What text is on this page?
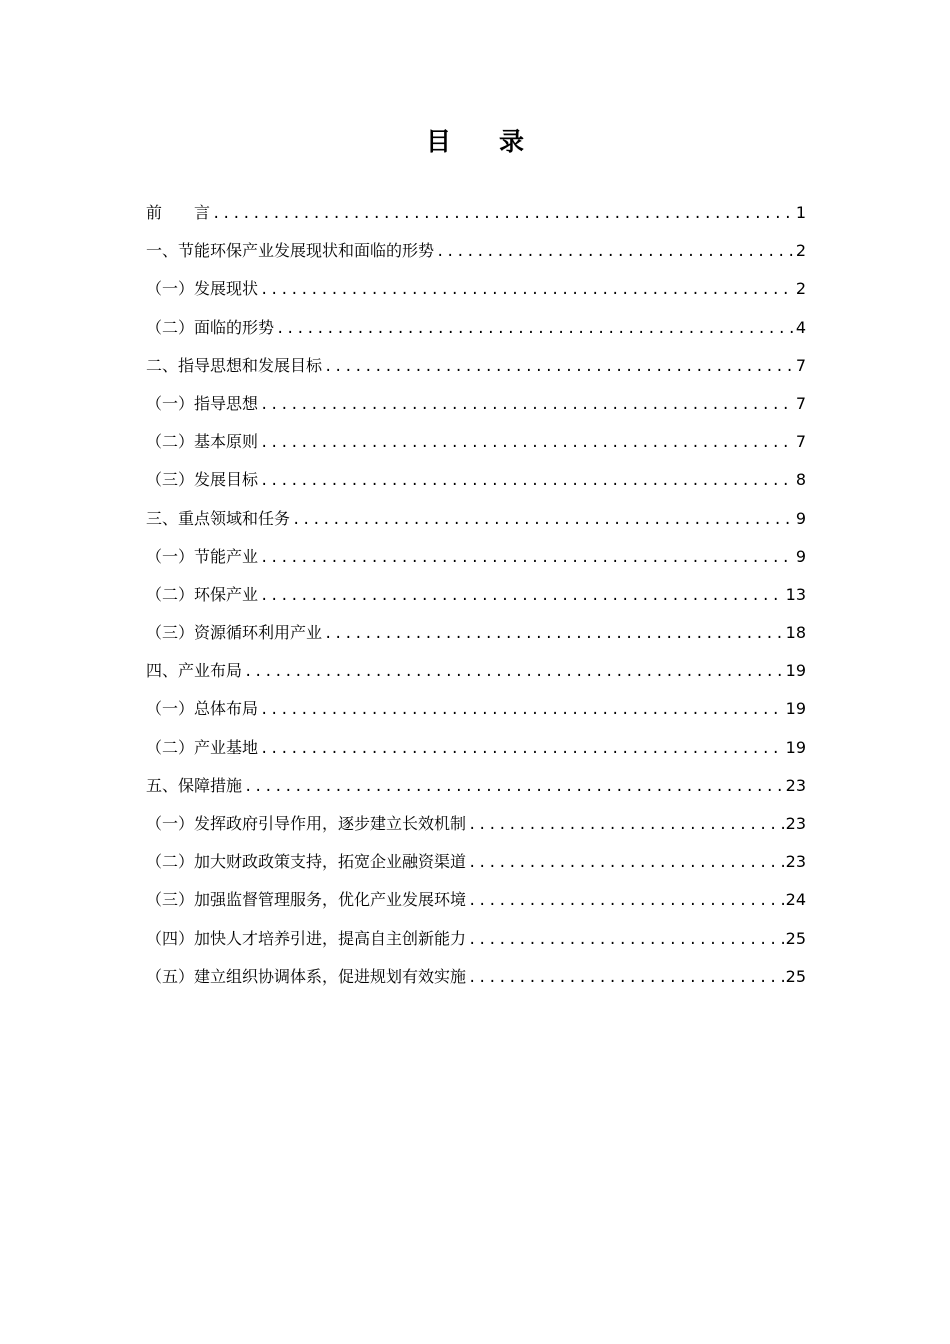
目 录
前 言 .....	1
一、节能环保产业发展现状和面临的形势 .....	2
（一）发展现状 .....	2
（二）面临的形势 .....	4
二、指导思想和发展目标 .....	7
（一）指导思想 .....	7
（二）基本原则 .....	7
（三）发展目标 .....	8
三、重点领域和任务 .....	9
（一）节能产业 .....	9
（二）环保产业 .....	13
（三）资源循环利用产业 .....	18
四、产业布局 .....	19
（一）总体布局 .....	19
（二）产业基地 .....	19
五、保障措施 .....	23
（一）发挥政府引导作用，逐步建立长效机制 .....	23
（二）加大财政政策支持，拓宽企业融资渠道 .....	23
（三）加强监督管理服务，优化产业发展环境 .....	24
（四）加快人才培养引进，提高自主创新能力 .....	25
（五）建立组织协调体系，促进规划有效实施 .....	25
